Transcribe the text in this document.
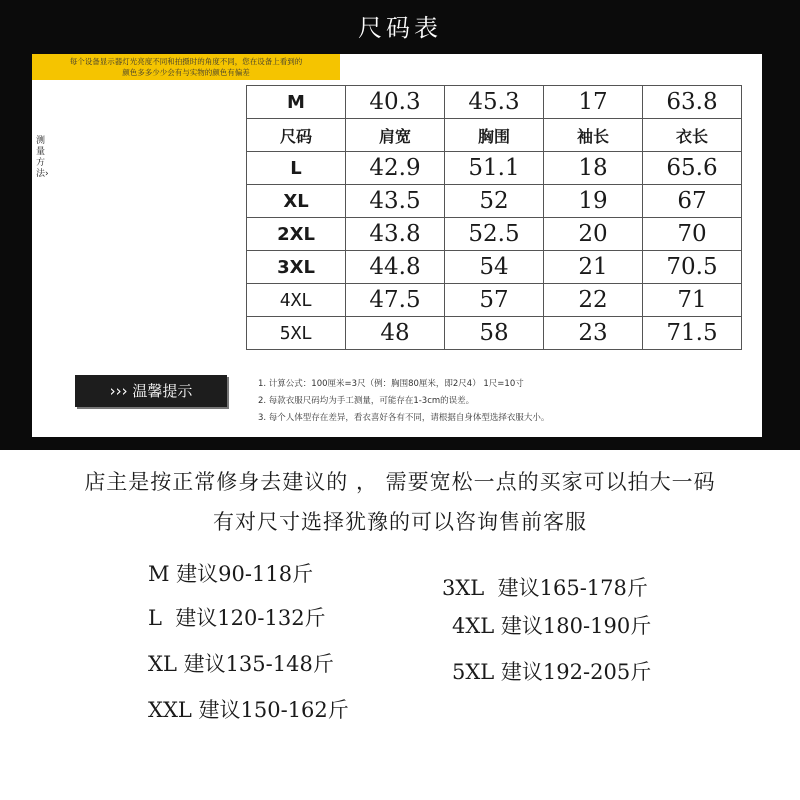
尺码表
每个设备显示器灯光亮度不同和拍摄时的角度不同，您在设备上看到的
颜色多多少少会有与实物的颜色有偏差
测量方法›
M	40.3	45.3	17	63.8
尺码	肩宽	胸围	袖长	衣长
L	42.9	51.1	18	65.6
XL	43.5	52	19	67
2XL	43.8	52.5	20	70
3XL	44.8	54	21	70.5
4XL	47.5	57	22	71
5XL	48	58	23	71.5
››› 温馨提示	1. 计算公式：100厘米=3尺（例：胸围80厘米，即2尺4） 1尺=10寸
2. 每款衣服尺码均为手工测量，可能存在1-3cm的误差。
3. 每个人体型存在差异，看衣喜好各有不同，请根据自身体型选择衣服大小。
店主是按正常修身去建议的 ， 需要宽松一点的买家可以拍大一码
有对尺寸选择犹豫的可以咨询售前客服
M 建议90-118斤
L  建议120-132斤
XL 建议135-148斤
XXL 建议150-162斤
3XL  建议165-178斤
4XL 建议180-190斤
5XL 建议192-205斤
